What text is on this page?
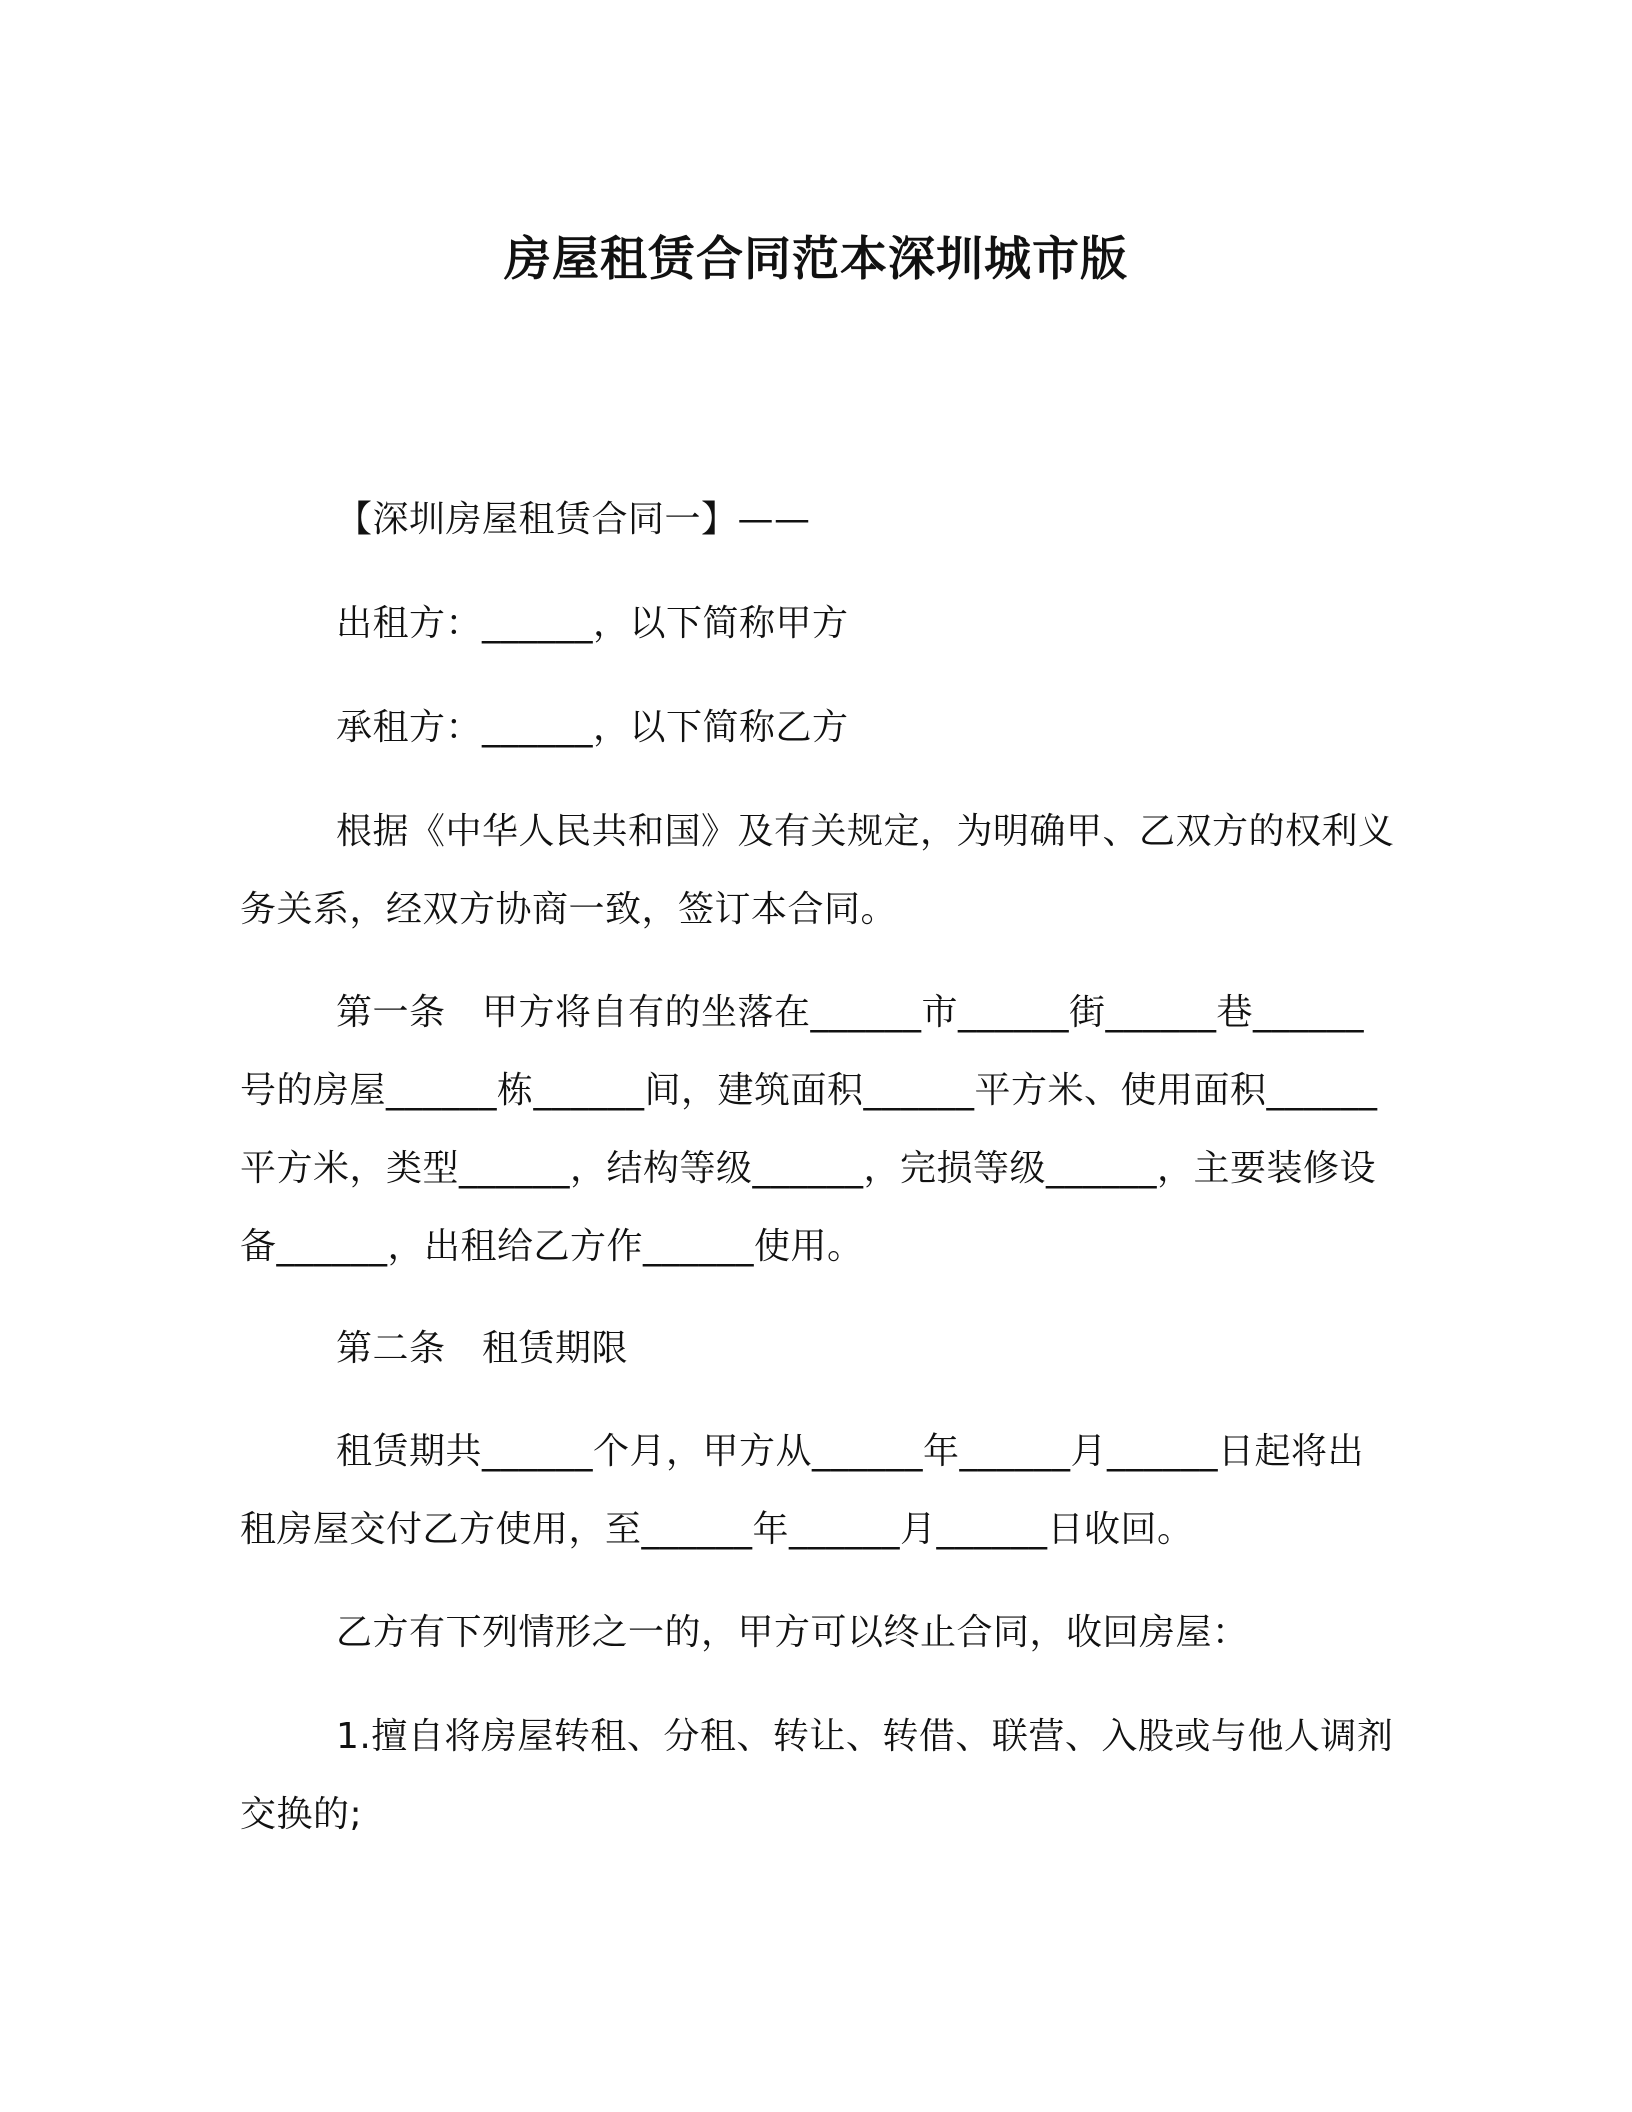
房屋租赁合同范本深圳城市版
【深圳房屋租赁合同一】——
出租方：______，以下简称甲方
承租方：______，以下简称乙方
根据《中华人民共和国》及有关规定，为明确甲、乙双方的权利义务关系，经双方协商一致，签订本合同。
第一条　甲方将自有的坐落在______市______街______巷______号的房屋______栋______间，建筑面积______平方米、使用面积______平方米，类型______，结构等级______，完损等级______，主要装修设备______，出租给乙方作______使用。
第二条　租赁期限
租赁期共______个月，甲方从______年______月______日起将出租房屋交付乙方使用，至______年______月______日收回。
乙方有下列情形之一的，甲方可以终止合同，收回房屋：
1.擅自将房屋转租、分租、转让、转借、联营、入股或与他人调剂交换的;
